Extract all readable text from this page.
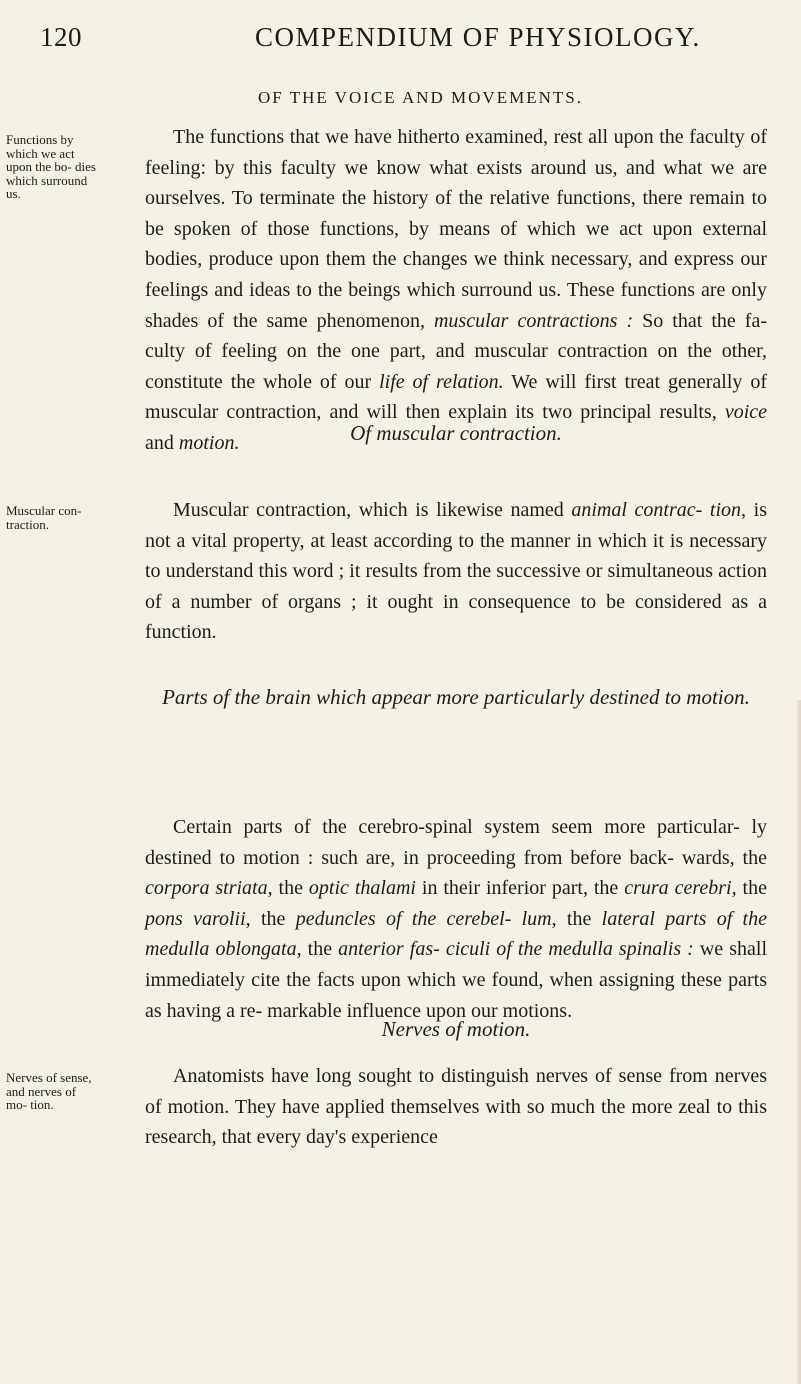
120	COMPENDIUM OF PHYSIOLOGY.
OF THE VOICE AND MOVEMENTS.
Functions by which we act upon the bo- dies which surround us.
Muscular con- traction.
Nerves of sense, and nerves of mo- tion.

The functions that we have hitherto examined, rest all upon the faculty of feeling: by this faculty we know what exists around us, and what we are ourselves. To terminate the history of the relative functions, there remain to be spoken of those functions, by means of which we act upon external bodies, produce upon them the changes we think necessary, and express our feelings and ideas to the beings which surround us. These functions are only shades of the same phenomenon, muscular contractions : So that the fa- culty of feeling on the one part, and muscular contraction on the other, constitute the whole of our life of relation. We will first treat generally of muscular contraction, and will then explain its two principal results, voice and motion.	Of muscular contraction.

Muscular contraction, which is likewise named animal contrac- tion, is not a vital property, at least according to the manner in which it is necessary to understand this word ; it results from the successive or simultaneous action of a number of organs ; it ought in consequence to be considered as a function.

Parts of the brain which appear more particularly destined to motion.

Certain parts of the cerebro-spinal system seem more particular- ly destined to motion : such are, in proceeding from before back- wards, the corpora striata, the optic thalami in their inferior part, the crura cerebri, the pons varolii, the peduncles of the cerebel- lum, the lateral parts of the medulla oblongata, the anterior fas- ciculi of the medulla spinalis : we shall immediately cite the facts upon which we found, when assigning these parts as having a re- markable influence upon our motions.

Nerves of motion.

Anatomists have long sought to distinguish nerves of sense from nerves of motion. They have applied themselves with so much the more zeal to this research, that every day's experience
